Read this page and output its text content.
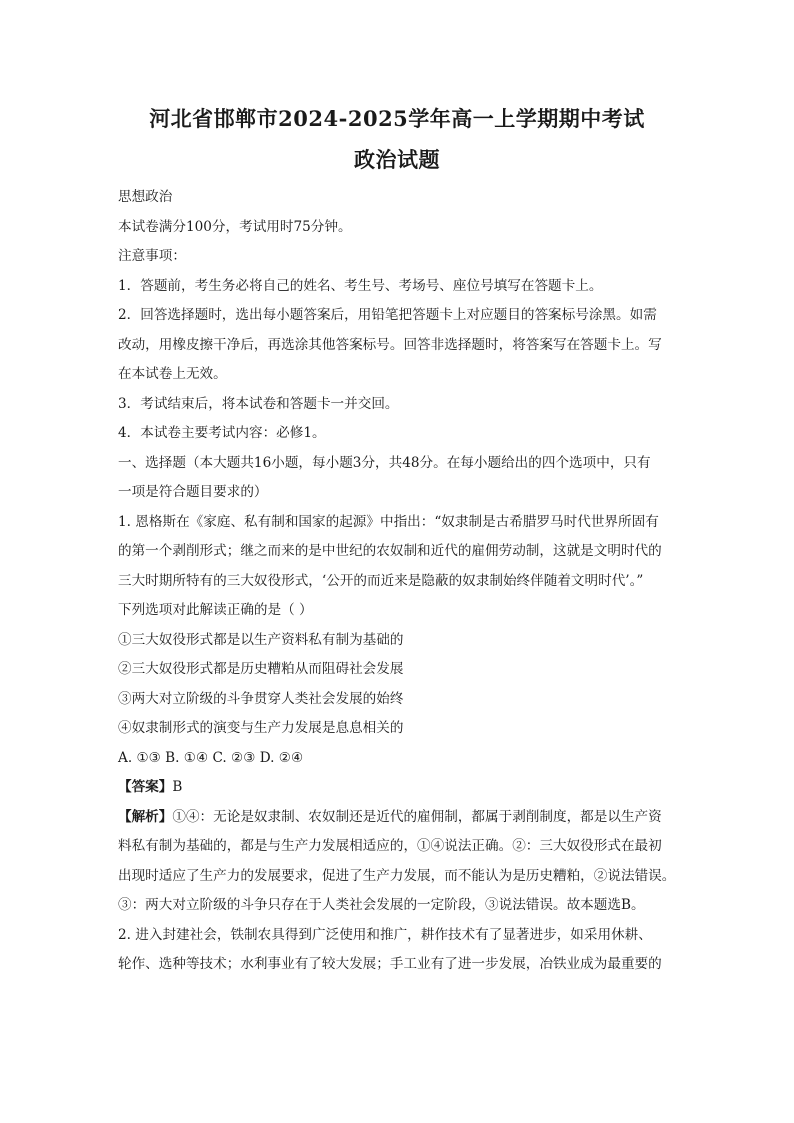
河北省邯郸市2024-2025学年高一上学期期中考试
政治试题

思想政治

本试卷满分100分，考试用时75分钟。

注意事项：

1．答题前，考生务必将自己的姓名、考生号、考场号、座位号填写在答题卡上。

2．回答选择题时，选出每小题答案后，用铅笔把答题卡上对应题目的答案标号涂黑。如需

改动，用橡皮擦干净后，再选涂其他答案标号。回答非选择题时，将答案写在答题卡上。写

在本试卷上无效。

3．考试结束后，将本试卷和答题卡一并交回。

4．本试卷主要考试内容：必修1。

一、选择题（本大题共16小题，每小题3分，共48分。在每小题给出的四个选项中，只有

一项是符合题目要求的）

1. 恩格斯在《家庭、私有制和国家的起源》中指出：“奴隶制是古希腊罗马时代世界所固有

的第一个剥削形式；继之而来的是中世纪的农奴制和近代的雇佣劳动制，这就是文明时代的

三大时期所特有的三大奴役形式，‘公开的而近来是隐蔽的奴隶制始终伴随着文明时代’。”

下列选项对此解读正确的是（ ）

①三大奴役形式都是以生产资料私有制为基础的

②三大奴役形式都是历史糟粕从而阻碍社会发展

③两大对立阶级的斗争贯穿人类社会发展的始终

④奴隶制形式的演变与生产力发展是息息相关的

A. ①③ B. ①④ C. ②③ D. ②④

【答案】B

【解析】①④：无论是奴隶制、农奴制还是近代的雇佣制，都属于剥削制度，都是以生产资

料私有制为基础的，都是与生产力发展相适应的，①④说法正确。②：三大奴役形式在最初

出现时适应了生产力的发展要求，促进了生产力发展，而不能认为是历史糟粕，②说法错误。

③：两大对立阶级的斗争只存在于人类社会发展的一定阶段，③说法错误。故本题选B。

2. 进入封建社会，铁制农具得到广泛使用和推广，耕作技术有了显著进步，如采用休耕、

轮作、选种等技术；水利事业有了较大发展；手工业有了进一步发展，冶铁业成为最重要的
